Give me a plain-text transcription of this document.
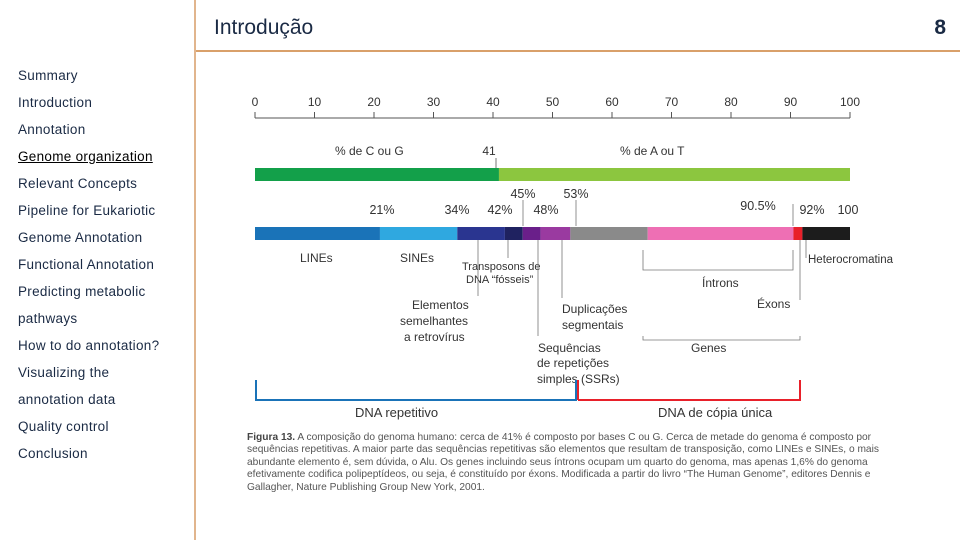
Introdução	8
Summary
Introduction
Annotation
Genome organization
Relevant Concepts
Pipeline for Eukariotic
Genome Annotation
Functional Annotation
Predicting metabolic
pathways
How to do annotation?
Visualizing the
annotation data
Quality control
Conclusion
0	10	20	30	40	50	60	70	80	90	100
% de C ou G	% de A ou T
41
45% 53%
21%	34% 42% 48%	90.5% 92% 100
LINEs	SINEs
Transposons de
DNA “fósseis”
Elementos
semelhantes
a retrovírus
Duplicações
segmentais
Sequências
de repetições
simples (SSRs)
Íntrons
Éxons
Genes
Heterocromatina
DNA repetitivo	DNA de cópia única
Figura 13. A composição do genoma humano: cerca de 41% é composto por bases C ou G. Cerca de metade do genoma é composto por sequências repetitivas. A maior parte das sequências repetitivas são elementos que resultam de transposição, como LINEs e SINEs, o mais abundante elemento é, sem dúvida, o Alu. Os genes incluindo seus íntrons ocupam um quarto do genoma, mas apenas 1,6% do genoma efetivamente codifica polipeptídeos, ou seja, é constituído por éxons. Modificada a partir do livro “The Human Genome”, editores Dennis e Gallagher, Nature Publishing Group New York, 2001.
